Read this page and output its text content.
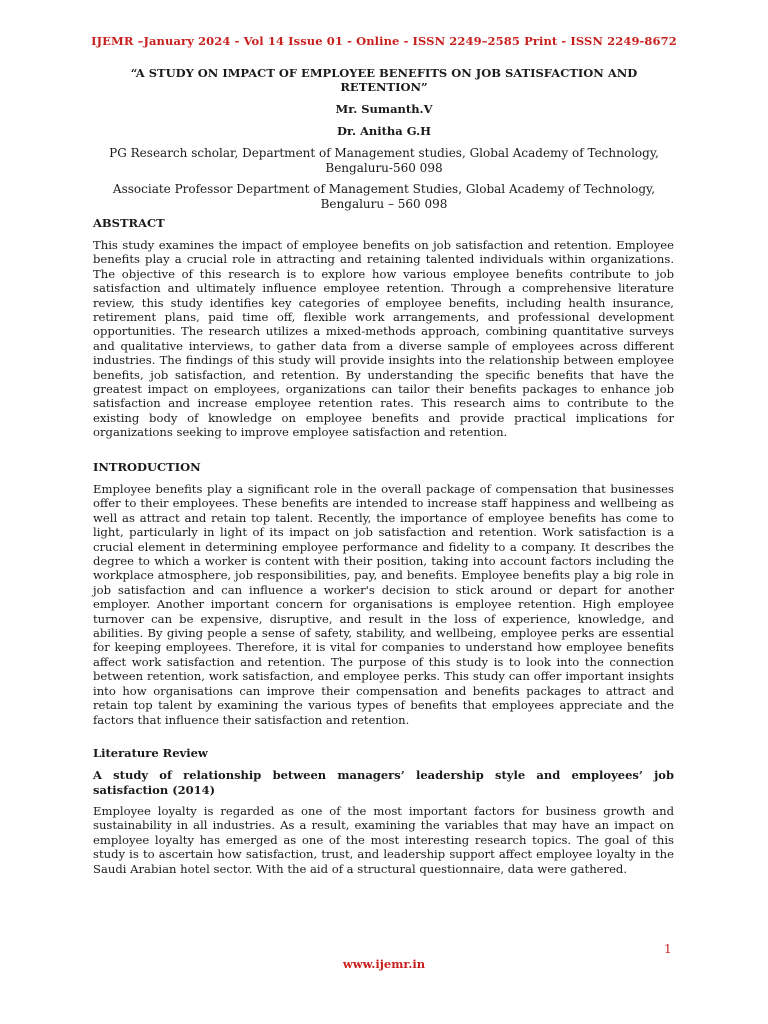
IJEMR –January 2024 - Vol 14 Issue 01 - Online - ISSN 2249–2585 Print - ISSN 2249-8672
“A STUDY ON IMPACT OF EMPLOYEE BENEFITS ON JOB SATISFACTION AND RETENTION”
Mr. Sumanth.V
Dr. Anitha G.H
PG Research scholar, Department of Management studies, Global Academy of Technology, Bengaluru-560 098
Associate Professor Department of Management Studies, Global Academy of Technology, Bengaluru – 560 098
ABSTRACT
This study examines the impact of employee benefits on job satisfaction and retention. Employee benefits play a crucial role in attracting and retaining talented individuals within organizations. The objective of this research is to explore how various employee benefits contribute to job satisfaction and ultimately influence employee retention. Through a comprehensive literature review, this study identifies key categories of employee benefits, including health insurance, retirement plans, paid time off, flexible work arrangements, and professional development opportunities. The research utilizes a mixed-methods approach, combining quantitative surveys and qualitative interviews, to gather data from a diverse sample of employees across different industries. The findings of this study will provide insights into the relationship between employee benefits, job satisfaction, and retention. By understanding the specific benefits that have the greatest impact on employees, organizations can tailor their benefits packages to enhance job satisfaction and increase employee retention rates. This research aims to contribute to the existing body of knowledge on employee benefits and provide practical implications for organizations seeking to improve employee satisfaction and retention.
INTRODUCTION
Employee benefits play a significant role in the overall package of compensation that businesses offer to their employees. These benefits are intended to increase staff happiness and wellbeing as well as attract and retain top talent. Recently, the importance of employee benefits has come to light, particularly in light of its impact on job satisfaction and retention. Work satisfaction is a crucial element in determining employee performance and fidelity to a company. It describes the degree to which a worker is content with their position, taking into account factors including the workplace atmosphere, job responsibilities, pay, and benefits. Employee benefits play a big role in job satisfaction and can influence a worker's decision to stick around or depart for another employer. Another important concern for organisations is employee retention. High employee turnover can be expensive, disruptive, and result in the loss of experience, knowledge, and abilities. By giving people a sense of safety, stability, and wellbeing, employee perks are essential for keeping employees. Therefore, it is vital for companies to understand how employee benefits affect work satisfaction and retention. The purpose of this study is to look into the connection between retention, work satisfaction, and employee perks. This study can offer important insights into how organisations can improve their compensation and benefits packages to attract and retain top talent by examining the various types of benefits that employees appreciate and the factors that influence their satisfaction and retention.
Literature Review
A study of relationship between managers’ leadership style and employees’ job satisfaction (2014)
Employee loyalty is regarded as one of the most important factors for business growth and sustainability in all industries. As a result, examining the variables that may have an impact on employee loyalty has emerged as one of the most interesting research topics. The goal of this study is to ascertain how satisfaction, trust, and leadership support affect employee loyalty in the Saudi Arabian hotel sector. With the aid of a structural questionnaire, data were gathered.
1
www.ijemr.in
